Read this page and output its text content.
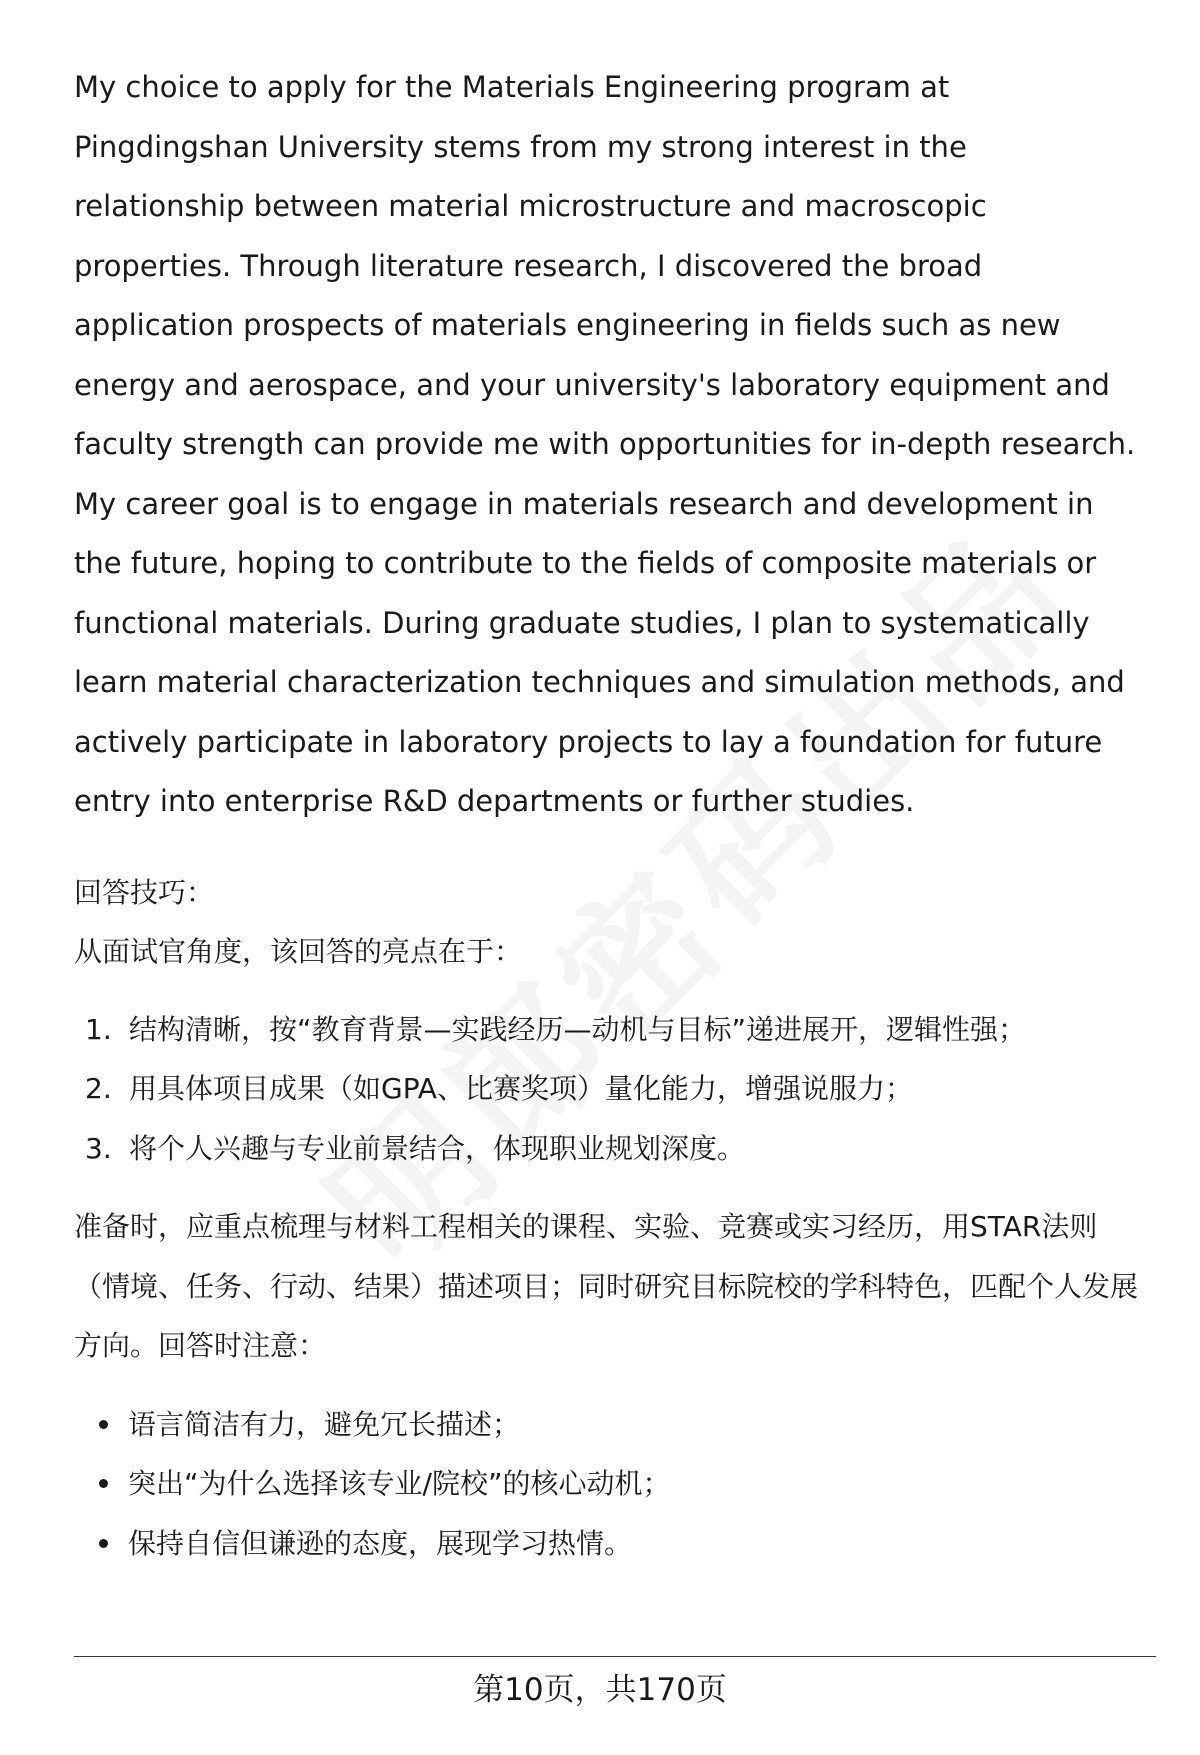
My choice to apply for the Materials Engineering program at Pingdingshan University stems from my strong interest in the relationship between material microstructure and macroscopic properties. Through literature research, I discovered the broad application prospects of materials engineering in fields such as new energy and aerospace, and your university's laboratory equipment and faculty strength can provide me with opportunities for in-depth research. My career goal is to engage in materials research and development in the future, hoping to contribute to the fields of composite materials or functional materials. During graduate studies, I plan to systematically learn material characterization techniques and simulation methods, and actively participate in laboratory projects to lay a foundation for future entry into enterprise R&D departments or further studies.

回答技巧：

从面试官角度，该回答的亮点在于：

1. 结构清晰，按“教育背景—实践经历—动机与目标”递进展开，逻辑性强；
2. 用具体项目成果（如GPA、比赛奖项）量化能力，增强说服力；
3. 将个人兴趣与专业前景结合，体现职业规划深度。

准备时，应重点梳理与材料工程相关的课程、实验、竞赛或实习经历，用STAR法则（情境、任务、行动、结果）描述项目；同时研究目标院校的学科特色，匹配个人发展方向。回答时注意：

语言简洁有力，避免冗长描述；
突出“为什么选择该专业/院校”的核心动机；
保持自信但谦逊的态度，展现学习热情。
第10页，共170页
